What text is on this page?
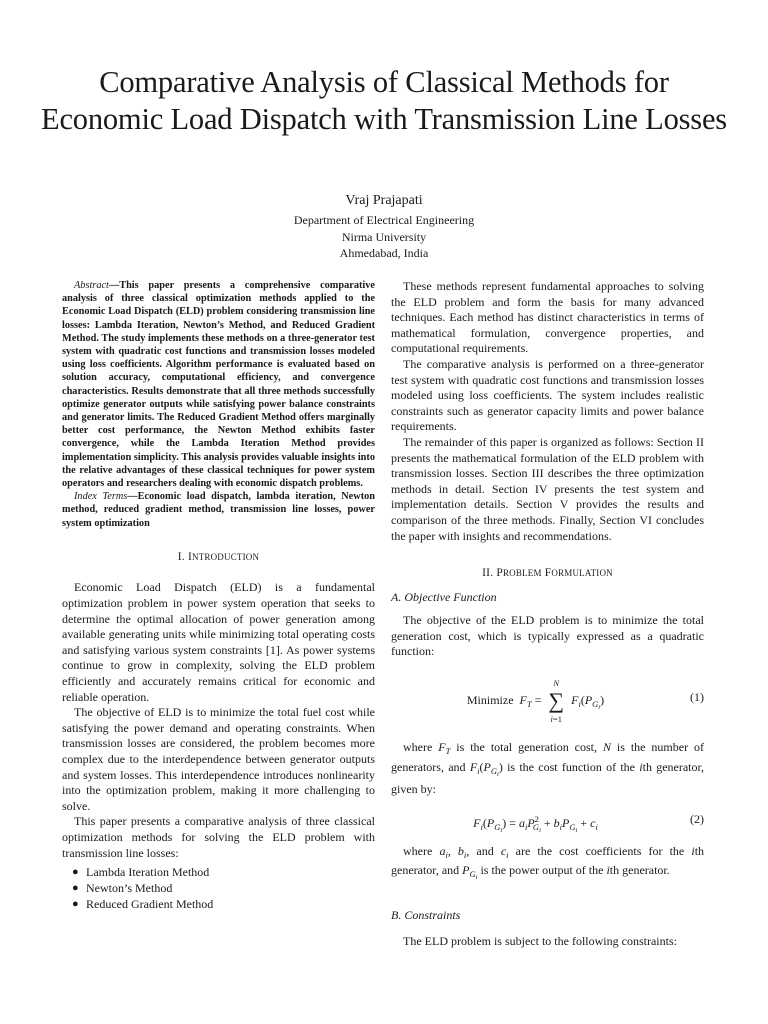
Comparative Analysis of Classical Methods for Economic Load Dispatch with Transmission Line Losses
Vraj Prajapati
Department of Electrical Engineering
Nirma University
Ahmedabad, India

Abstract—This paper presents a comprehensive comparative analysis of three classical optimization methods applied to the Economic Load Dispatch (ELD) problem considering transmission line losses: Lambda Iteration, Newton’s Method, and Reduced Gradient Method. The study implements these methods on a three-generator test system with quadratic cost functions and transmission losses modeled using loss coefficients. Algorithm performance is evaluated based on solution accuracy, computational efficiency, and convergence characteristics. Results demonstrate that all three methods successfully optimize generator outputs while satisfying power balance constraints and generator limits. The Reduced Gradient Method offers marginally better cost performance, the Newton Method exhibits faster convergence, while the Lambda Iteration Method provides implementation simplicity. This analysis provides valuable insights into the relative advantages of these classical techniques for power system operators and researchers dealing with economic dispatch problems.

Index Terms—Economic load dispatch, lambda iteration, Newton method, reduced gradient method, transmission line losses, power system optimization

I. INTRODUCTION

Economic Load Dispatch (ELD) is a fundamental optimization problem in power system operation that seeks to determine the optimal allocation of power generation among available generating units while minimizing total operating costs and satisfying various system constraints [1]. As power systems continue to grow in complexity, solving the ELD problem efficiently and accurately remains critical for economic and reliable operation.

The objective of ELD is to minimize the total fuel cost while satisfying the power demand and operating constraints. When transmission losses are considered, the problem becomes more complex due to the interdependence between generator outputs and system losses. This interdependence introduces nonlinearity into the optimization problem, making it more challenging to solve.

This paper presents a comparative analysis of three classical optimization methods for solving the ELD problem with transmission line losses:

● Lambda Iteration Method
● Newton’s Method
● Reduced Gradient Method

These methods represent fundamental approaches to solving the ELD problem and form the basis for many advanced techniques. Each method has distinct characteristics in terms of mathematical formulation, convergence properties, and computational requirements.

The comparative analysis is performed on a three-generator test system with quadratic cost functions and transmission losses modeled using loss coefficients. The system includes realistic constraints such as generator capacity limits and power balance requirements.

The remainder of this paper is organized as follows: Section II presents the mathematical formulation of the ELD problem with transmission losses. Section III describes the three optimization methods in detail. Section IV presents the test system and implementation details. Section V provides the results and comparison of the three methods. Finally, Section VI concludes the paper with insights and recommendations.

II. PROBLEM FORMULATION

A. Objective Function

The objective of the ELD problem is to minimize the total generation cost, which is typically expressed as a quadratic function:

Minimize $F_T$ = ∑
N
i=1
$F_i(P_{G_i})$	(1)

where $F_T$ is the total generation cost, N is the number of generators, and $F_i(P_{G_i})$ is the cost function of the ith generator, given by:

$F_i(P_{G_i}) = a_iP^2_{G_i} + b_iP_{G_i} + c_i$
(2)

where $a_i$, $b_i$, and $c_i$ are the cost coefficients for the ith generator, and $P_{G_i}$ is the power output of the ith generator.

B. Constraints

The ELD problem is subject to the following constraints:
